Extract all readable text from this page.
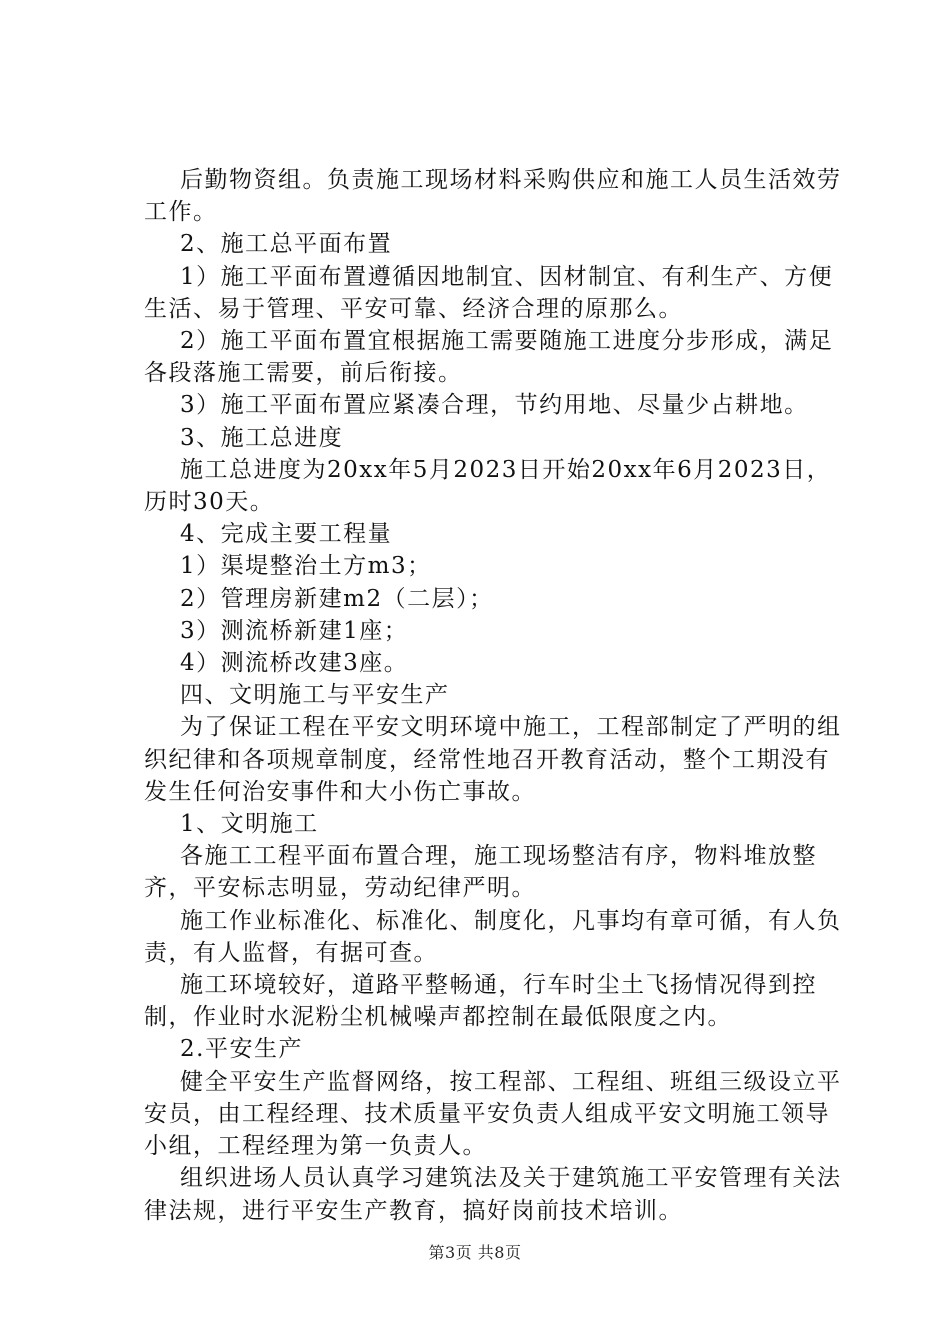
后勤物资组。负责施工现场材料采购供应和施工人员生活效劳工作。

2、施工总平面布置

1）施工平面布置遵循因地制宜、因材制宜、有利生产、方便生活、易于管理、平安可靠、经济合理的原那么。

2）施工平面布置宜根据施工需要随施工进度分步形成，满足各段落施工需要，前后衔接。

3）施工平面布置应紧凑合理，节约用地、尽量少占耕地。

3、施工总进度

施工总进度为20xx年5月2023日开始20xx年6月2023日，历时30天。

4、完成主要工程量

1）渠堤整治土方m3；

2）管理房新建m2（二层）；

3）测流桥新建1座；

4）测流桥改建3座。

四、文明施工与平安生产

为了保证工程在平安文明环境中施工，工程部制定了严明的组织纪律和各项规章制度，经常性地召开教育活动，整个工期没有发生任何治安事件和大小伤亡事故。

1、文明施工

各施工工程平面布置合理，施工现场整洁有序，物料堆放整齐，平安标志明显，劳动纪律严明。

施工作业标准化、标准化、制度化，凡事均有章可循，有人负责，有人监督，有据可查。

施工环境较好，道路平整畅通，行车时尘土飞扬情况得到控制，作业时水泥粉尘机械噪声都控制在最低限度之内。

2.平安生产

健全平安生产监督网络，按工程部、工程组、班组三级设立平安员，由工程经理、技术质量平安负责人组成平安文明施工领导小组，工程经理为第一负责人。

组织进场人员认真学习建筑法及关于建筑施工平安管理有关法律法规，进行平安生产教育，搞好岗前技术培训。

第3页 共8页
